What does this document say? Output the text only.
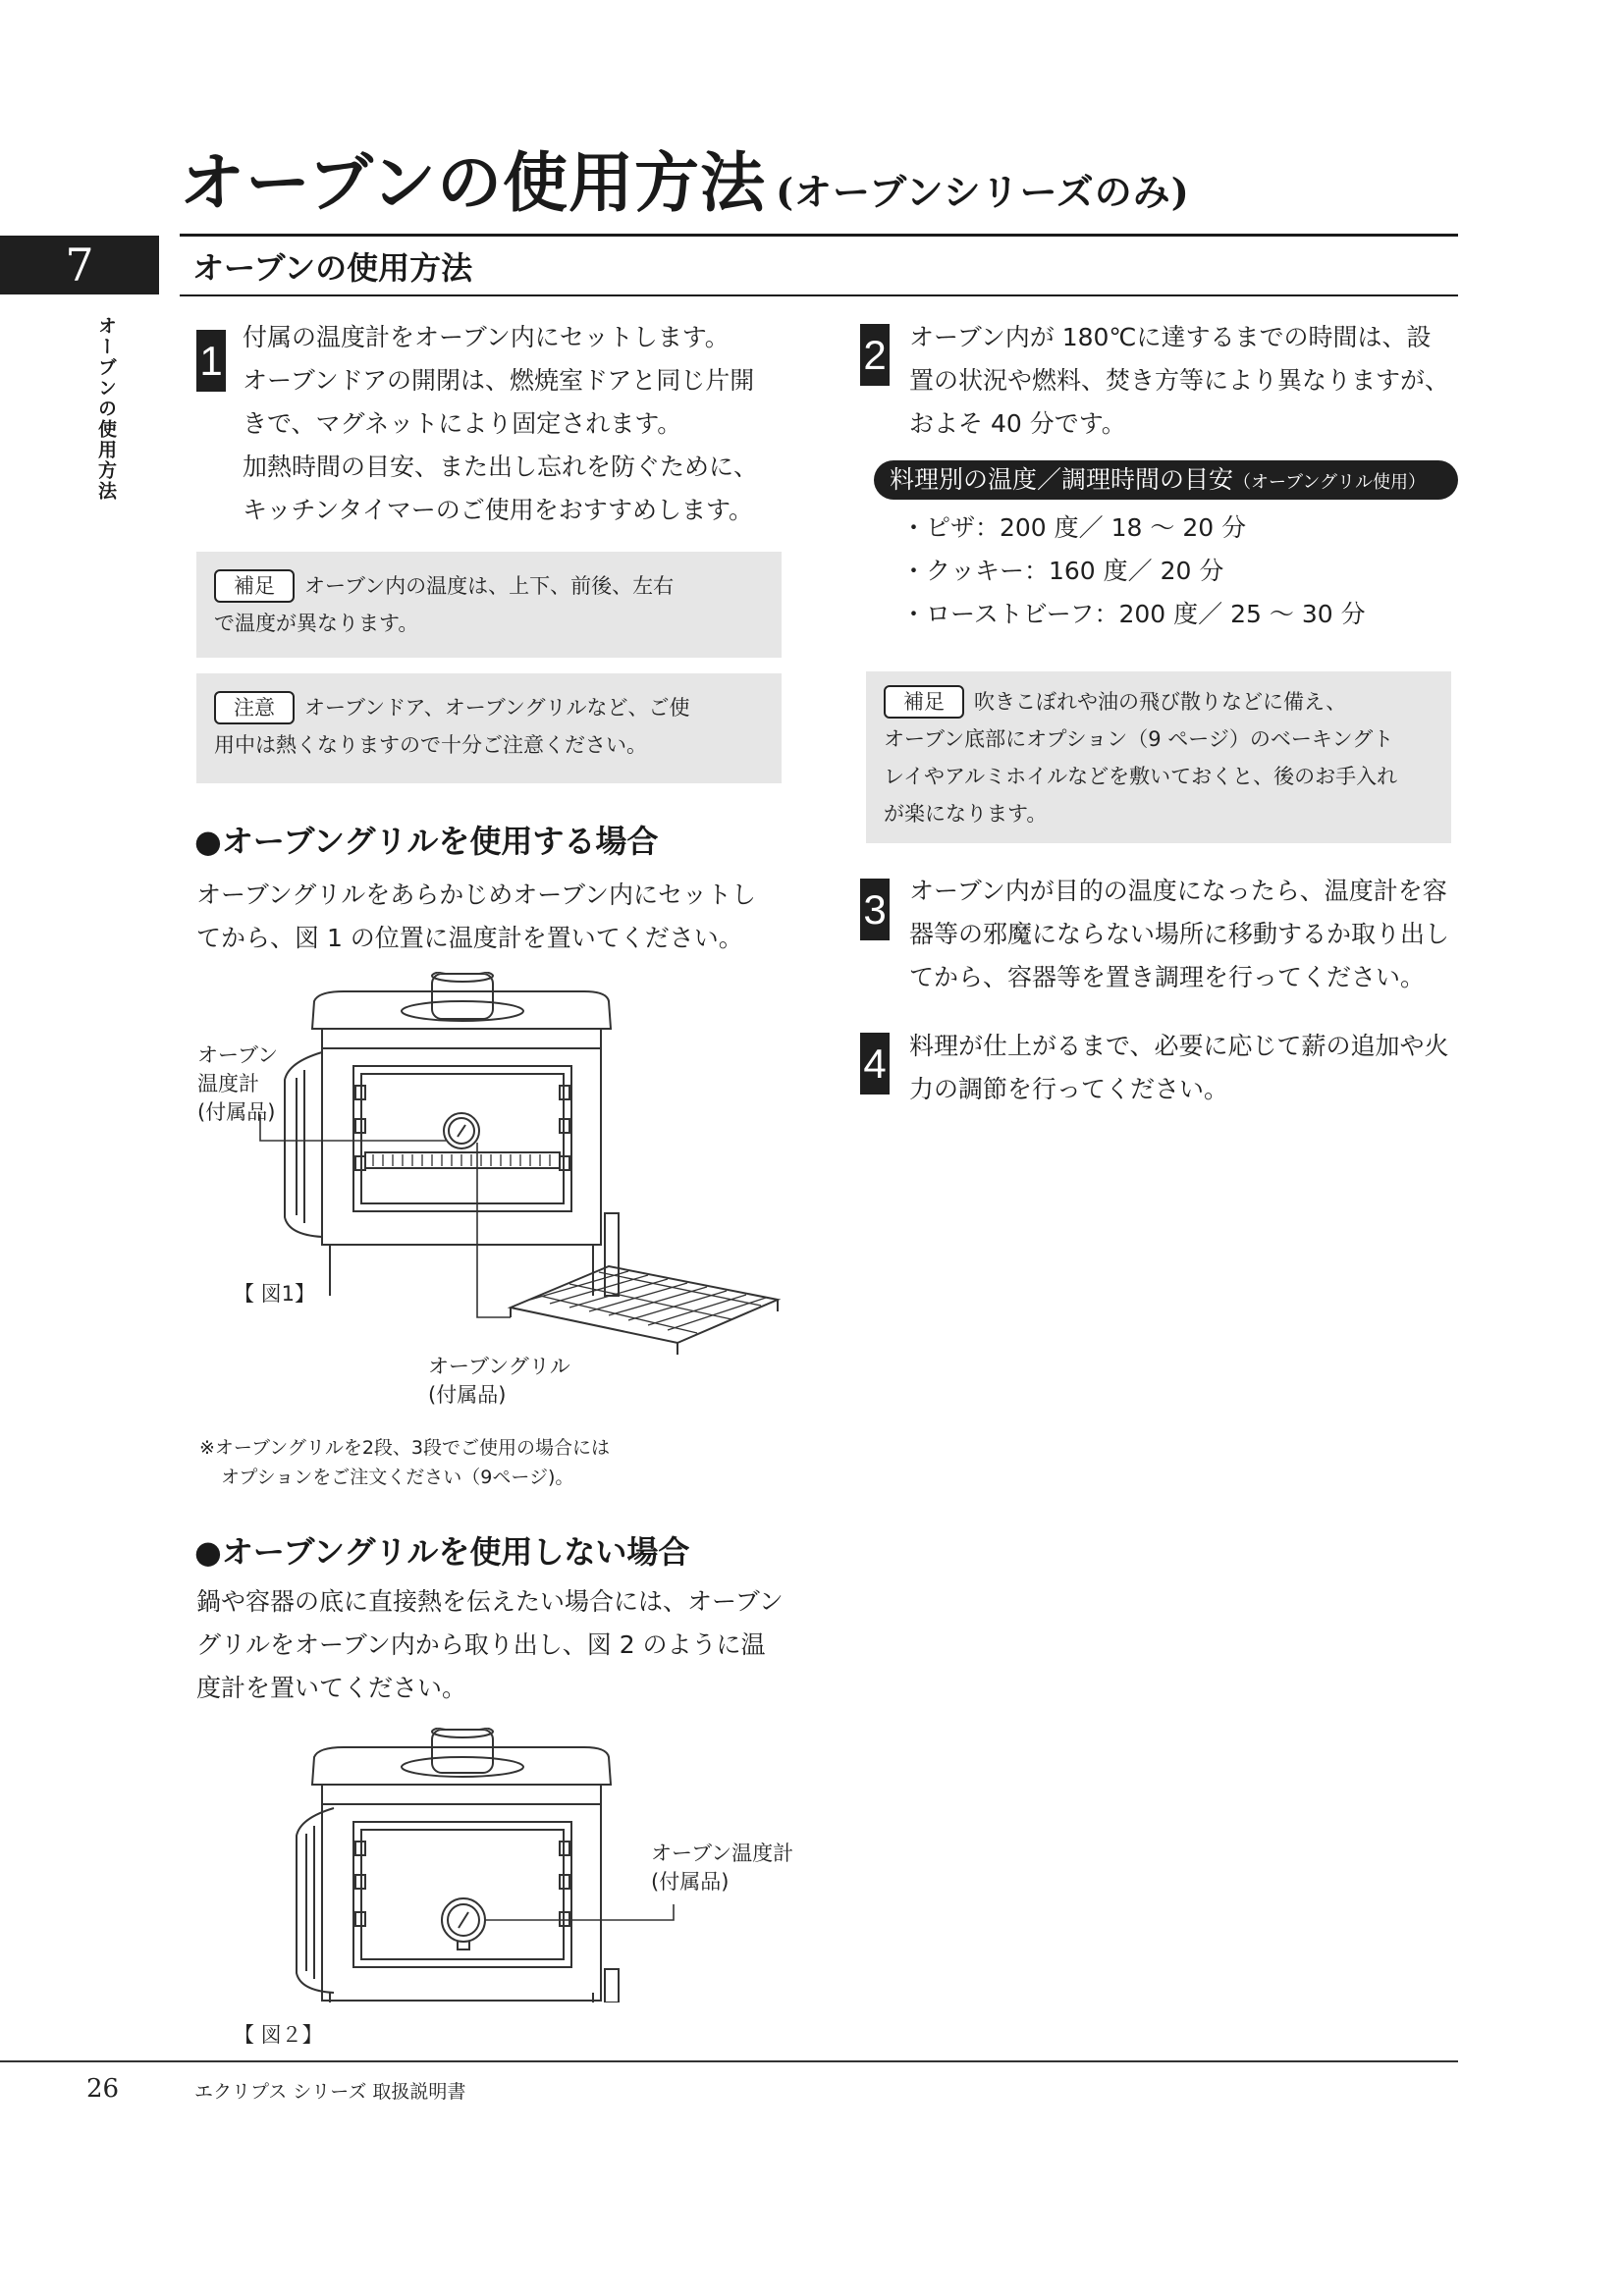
オーブンの使用方法 (オーブンシリーズのみ)
7	オーブンの使用方法
オーブンの使用方法 1
付属の温度計をオーブン内にセットします。
オーブンドアの開閉は、燃焼室ドアと同じ片開
きで、マグネットにより固定されます。
加熱時間の目安、また出し忘れを防ぐために、
キッチンタイマーのご使用をおすすめします。
補足 オーブン内の温度は、上下、前後、左右
で温度が異なります。
注意 オーブンドア、オーブングリルなど、ご使
用中は熱くなりますので十分ご注意ください。
●オーブングリルを使用する場合
オーブングリルをあらかじめオーブン内にセットし
てから、図 1 の位置に温度計を置いてください。
オーブン
温度計
(付属品)
【 図1】
オーブングリル
(付属品)
※オーブングリルを2段、3段でご使用の場合には
オプションをご注文ください（9ページ)。
●オーブングリルを使用しない場合
鍋や容器の底に直接熱を伝えたい場合には、オーブン
グリルをオーブン内から取り出し、図 2 のように温
度計を置いてください。
オーブン温度計
(付属品)
【 図２】
2 オーブン内が 180℃に達するまでの時間は、設
置の状況や燃料、焚き方等により異なりますが、
およそ 40 分です。
料理別の温度／調理時間の目安（オーブングリル使用）
・ピザ：200 度／ 18 ～ 20 分
・クッキー：160 度／ 20 分
・ローストビーフ：200 度／ 25 ～ 30 分
補足 吹きこぼれや油の飛び散りなどに備え、
オーブン底部にオプション（9 ページ）のベーキングト
レイやアルミホイルなどを敷いておくと、後のお手入れ
が楽になります。
3 オーブン内が目的の温度になったら、温度計を容
器等の邪魔にならない場所に移動するか取り出し
てから、容器等を置き調理を行ってください。
4 料理が仕上がるまで、必要に応じて薪の追加や火
力の調節を行ってください。
26	エクリプス シリーズ 取扱説明書
